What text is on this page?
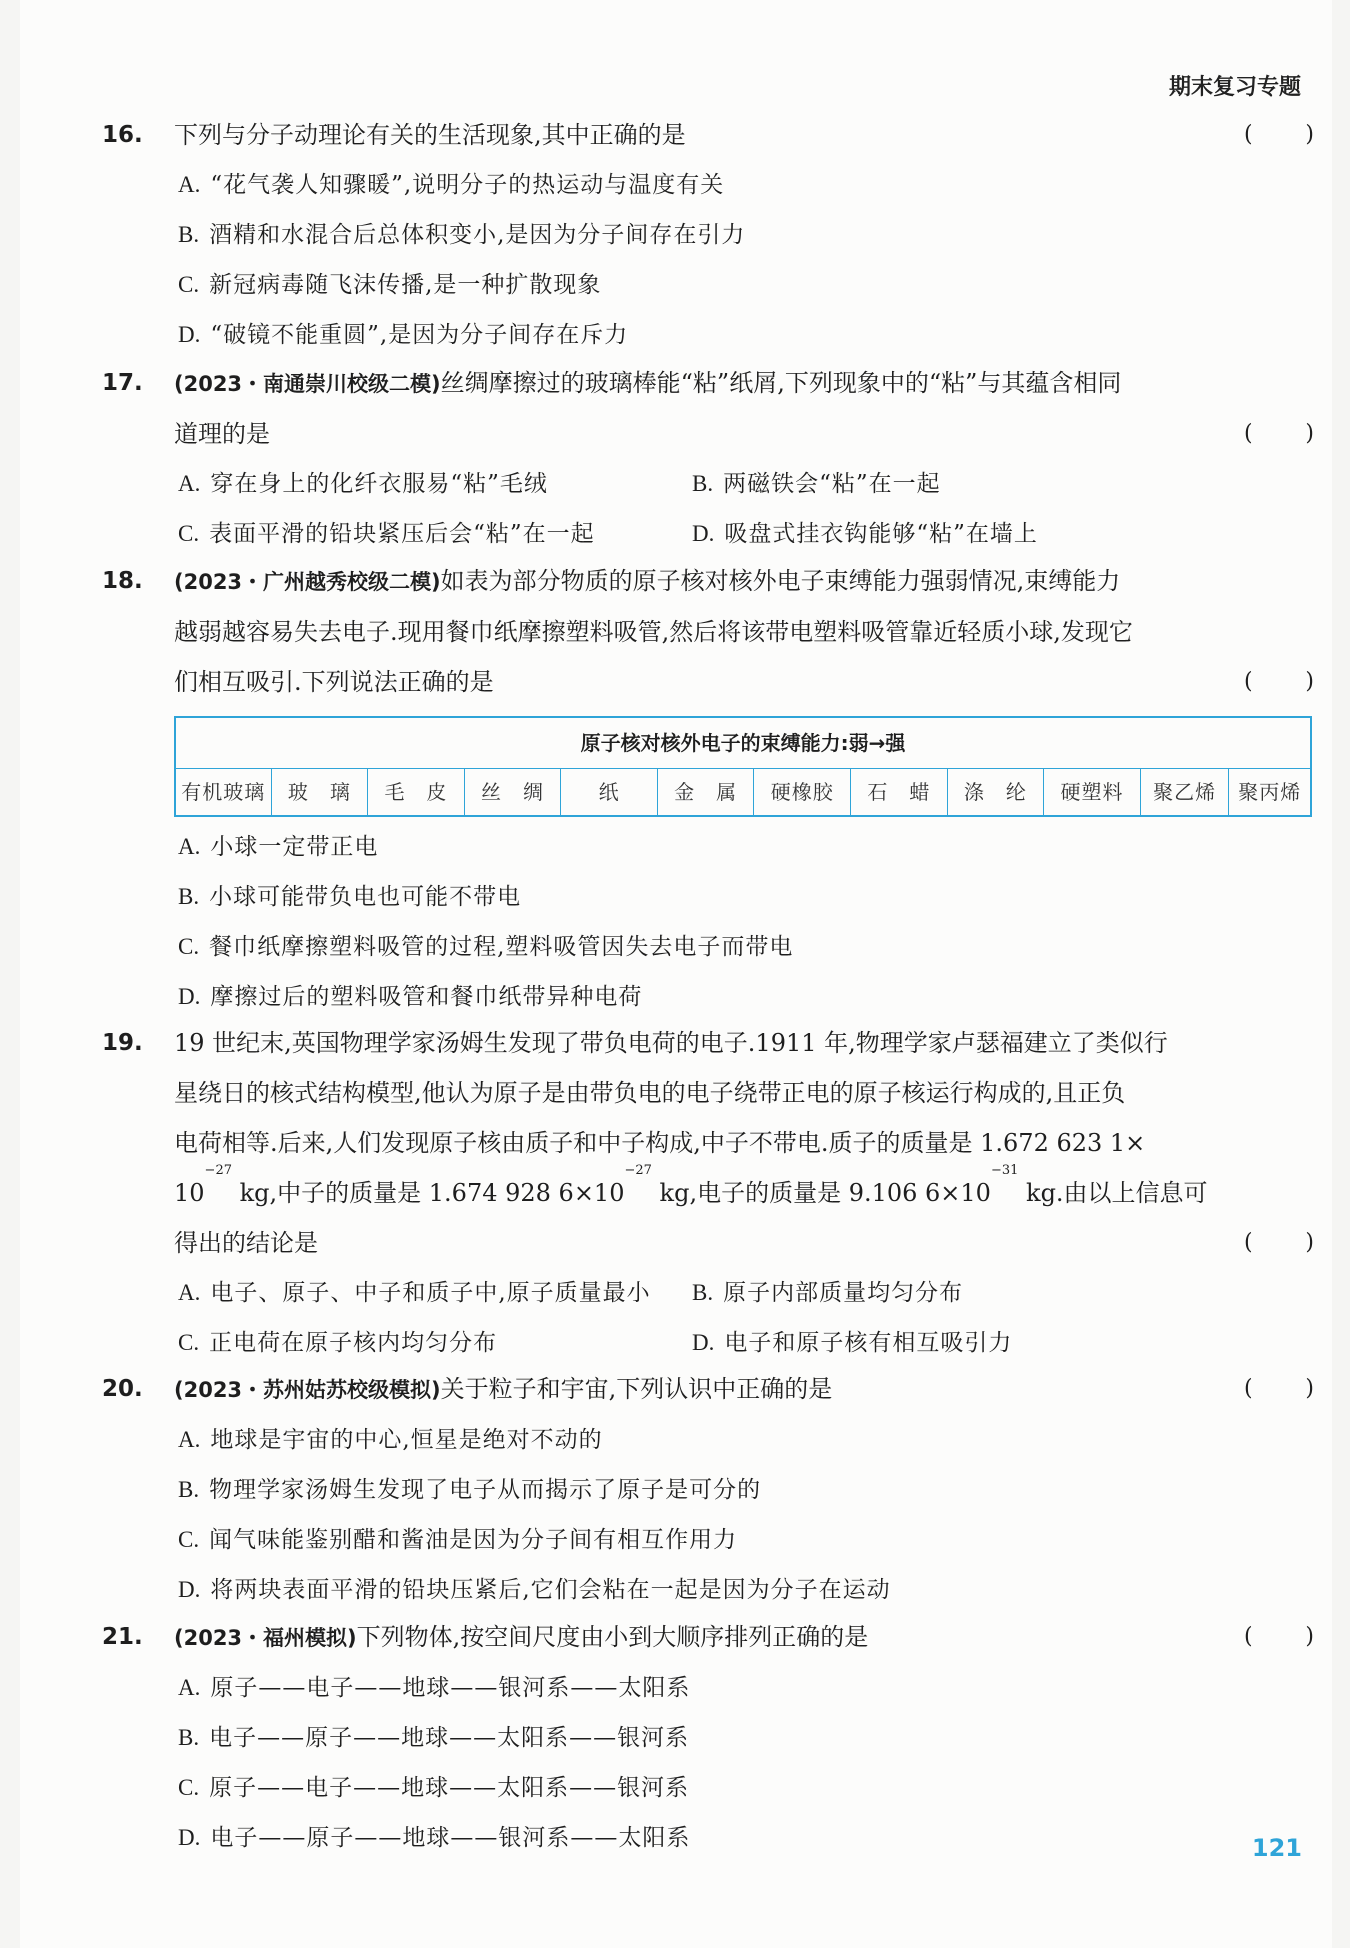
期末复习专题
16.	下列与分子动理论有关的生活现象,其中正确的是	( )
A. “花气袭人知骤暖”,说明分子的热运动与温度有关
B. 酒精和水混合后总体积变小,是因为分子间存在引力
C. 新冠病毒随飞沫传播,是一种扩散现象
D. “破镜不能重圆”,是因为分子间存在斥力
17.	(2023・南通崇川校级二模)丝绸摩擦过的玻璃棒能“粘”纸屑,下列现象中的“粘”与其蕴含相同
道理的是	( )
A. 穿在身上的化纤衣服易“粘”毛绒	B. 两磁铁会“粘”在一起
C. 表面平滑的铅块紧压后会“粘”在一起	D. 吸盘式挂衣钩能够“粘”在墙上
18.	(2023・广州越秀校级二模)如表为部分物质的原子核对核外电子束缚能力强弱情况,束缚能力
越弱越容易失去电子.现用餐巾纸摩擦塑料吸管,然后将该带电塑料吸管靠近轻质小球,发现它
们相互吸引.下列说法正确的是	( )
原子核对核外电子的束缚能力:弱→强
有机玻璃	玻　璃	毛　皮	丝　绸	纸	金　属	硬橡胶	石　蜡	涤　纶	硬塑料	聚乙烯	聚丙烯
A. 小球一定带正电
B. 小球可能带负电也可能不带电
C. 餐巾纸摩擦塑料吸管的过程,塑料吸管因失去电子而带电
D. 摩擦过后的塑料吸管和餐巾纸带异种电荷
19.	19 世纪末,英国物理学家汤姆生发现了带负电荷的电子.1911 年,物理学家卢瑟福建立了类似行
星绕日的核式结构模型,他认为原子是由带负电的电子绕带正电的原子核运行构成的,且正负
电荷相等.后来,人们发现原子核由质子和中子构成,中子不带电.质子的质量是 1.672 623 1×
$10^{-27}$ kg,中子的质量是 1.674 928 $6\times 10^{-27}$ kg,电子的质量是 9.106 $6\times 10^{-31}$ kg.由以上信息可
得出的结论是	( )
A. 电子、原子、中子和质子中,原子质量最小	B. 原子内部质量均匀分布
C. 正电荷在原子核内均匀分布	D. 电子和原子核有相互吸引力
20.	(2023・苏州姑苏校级模拟)关于粒子和宇宙,下列认识中正确的是	( )
A. 地球是宇宙的中心,恒星是绝对不动的
B. 物理学家汤姆生发现了电子从而揭示了原子是可分的
C. 闻气味能鉴别醋和酱油是因为分子间有相互作用力
D. 将两块表面平滑的铅块压紧后,它们会粘在一起是因为分子在运动
21.	(2023・福州模拟)下列物体,按空间尺度由小到大顺序排列正确的是	( )
A. 原子——电子——地球——银河系——太阳系
B. 电子——原子——地球——太阳系——银河系
C. 原子——电子——地球——太阳系——银河系
D. 电子——原子——地球——银河系——太阳系	121
